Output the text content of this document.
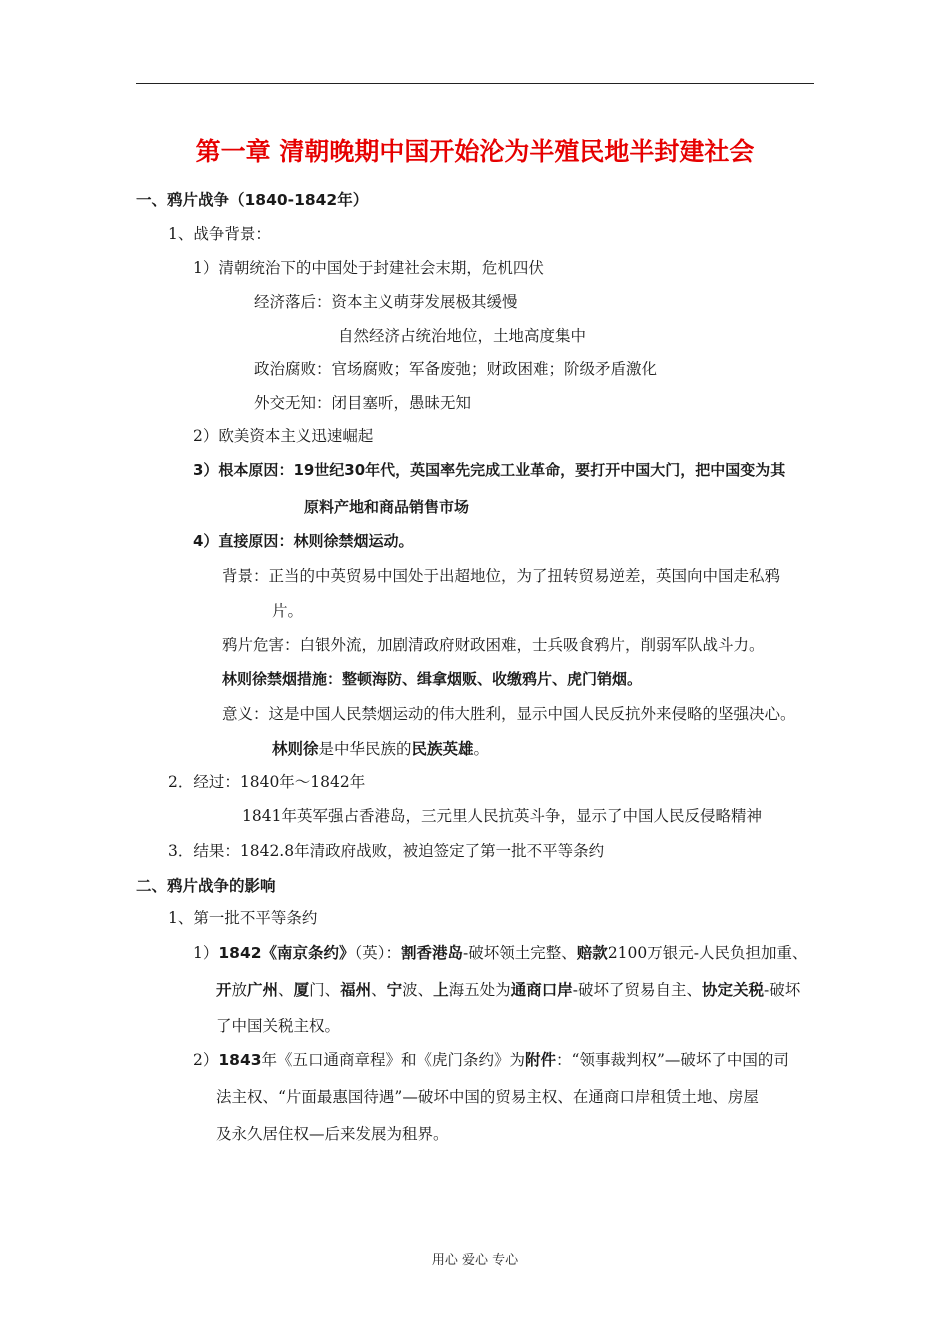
第一章 清朝晚期中国开始沦为半殖民地半封建社会
一、鸦片战争（1840-1842年）
1、战争背景：
1）清朝统治下的中国处于封建社会末期，危机四伏
经济落后：资本主义萌芽发展极其缓慢
自然经济占统治地位，土地高度集中
政治腐败：官场腐败；军备废弛；财政困难；阶级矛盾激化
外交无知：闭目塞听，愚昧无知
2）欧美资本主义迅速崛起
3）根本原因：19世纪30年代，英国率先完成工业革命，要打开中国大门，把中国变为其
原料产地和商品销售市场
4）直接原因：林则徐禁烟运动。
背景：正当的中英贸易中国处于出超地位，为了扭转贸易逆差，英国向中国走私鸦
片。
鸦片危害：白银外流，加剧清政府财政困难，士兵吸食鸦片，削弱军队战斗力。
林则徐禁烟措施：整顿海防、缉拿烟贩、收缴鸦片、虎门销烟。
意义：这是中国人民禁烟运动的伟大胜利，显示中国人民反抗外来侵略的坚强决心。
林则徐是中华民族的民族英雄。
2．经过：1840年～1842年
1841年英军强占香港岛，三元里人民抗英斗争，显示了中国人民反侵略精神
3．结果：1842.8年清政府战败，被迫签定了第一批不平等条约
二、鸦片战争的影响
1、第一批不平等条约
1）1842《南京条约》（英）：割香港岛-破坏领土完整、赔款2100万银元-人民负担加重、
开放广州、厦门、福州、宁波、上海五处为通商口岸-破坏了贸易自主、协定关税-破坏
了中国关税主权。
2）1843年《五口通商章程》和《虎门条约》为附件：“领事裁判权”—破坏了中国的司
法主权、“片面最惠国待遇”—破坏中国的贸易主权、在通商口岸租赁土地、房屋
及永久居住权—后来发展为租界。
用心 爱心 专心
